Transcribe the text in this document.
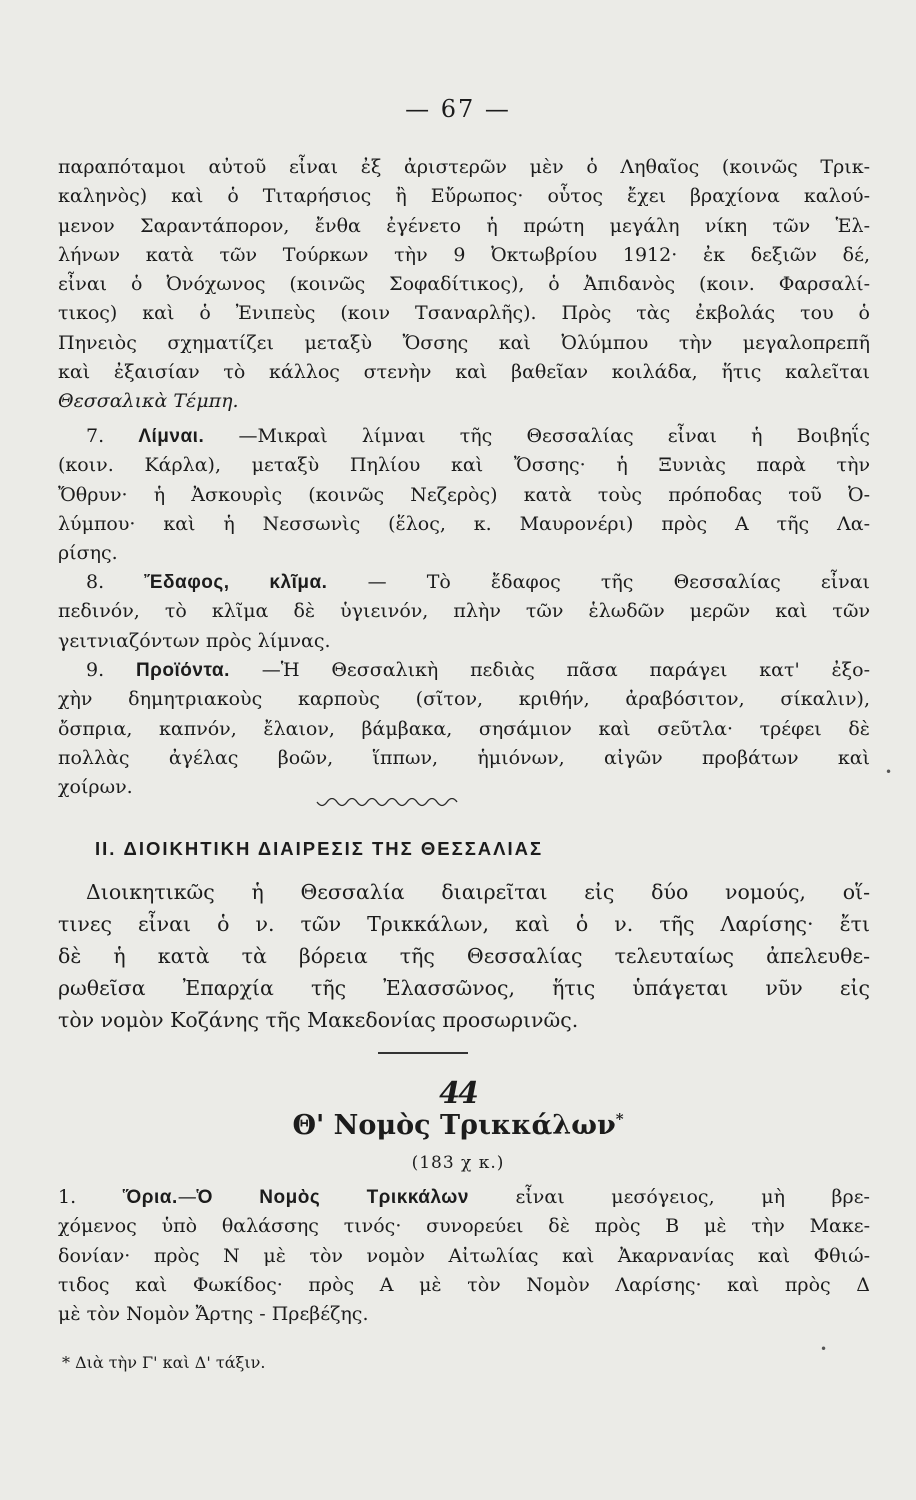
— 67 —

παραπόταμοι αὐτοῦ εἶναι ἐξ ἀριστερῶν μὲν ὁ Ληθαῖος (κοινῶς Τρικ-

καληνὸς) καὶ ὁ Τιταρήσιος ἢ Εὔρωπος· οὗτος ἔχει βραχίονα καλού-

μενον Σαραντάπορον, ἔνθα ἐγένετο ἡ πρώτη μεγάλη νίκη τῶν Ἑλ-

λήνων κατὰ τῶν Τούρκων τὴν 9 Ὀκτωβρίου 1912· ἐκ δεξιῶν δέ,

εἶναι ὁ Ὀνόχωνος (κοινῶς Σοφαδίτικος), ὁ Ἀπιδανὸς (κοιν. Φαρσαλί-

τικος) καὶ ὁ Ἐνιπεὺς (κοιν Τσαναρλῆς). Πρὸς τὰς ἐκβολάς του ὁ

Πηνειὸς σχηματίζει μεταξὺ Ὄσσης καὶ Ὀλύμπου τὴν μεγαλοπρεπῆ

καὶ ἐξαισίαν τὸ κάλλος στενὴν καὶ βαθεῖαν κοιλάδα, ἥτις καλεῖται

Θεσσαλικὰ Τέμπη.

7. Λίμναι. —Μικραὶ λίμναι τῆς Θεσσαλίας εἶναι ἡ Βοιβηΐς

(κοιν. Κάρλα), μεταξὺ Πηλίου καὶ Ὄσσης· ἡ Ξυνιὰς παρὰ τὴν

Ὄθρυν· ἡ Ἀσκουρὶς (κοινῶς Νεζερὸς) κατὰ τοὺς πρόποδας τοῦ Ὀ-

λύμπου· καὶ ἡ Νεσσωνὶς (ἕλος, κ. Μαυρονέρι) πρὸς Α τῆς Λα-

ρίσης.

8. Ἔδαφος, κλῖμα. — Τὸ ἔδαφος τῆς Θεσσαλίας εἶναι

πεδινόν, τὸ κλῖμα δὲ ὑγιεινόν, πλὴν τῶν ἑλωδῶν μερῶν καὶ τῶν

γειτνιαζόντων πρὸς λίμνας.

9. Προϊόντα. —Ἡ Θεσσαλικὴ πεδιὰς πᾶσα παράγει κατ' ἐξο-

χὴν δημητριακοὺς καρποὺς (σῖτον, κριθήν, ἀραβόσιτον, σίκαλιν),

ὄσπρια, καπνόν, ἔλαιον, βάμβακα, σησάμιον καὶ σεῦτλα· τρέφει δὲ

πολλὰς ἀγέλας βοῶν, ἵππων, ἡμιόνων, αἰγῶν προβάτων καὶ

χοίρων.

II. ΔΙΟΙΚΗΤΙΚΗ ΔΙΑΙΡΕΣΙΣ ΤΗΣ ΘΕΣΣΑΛΙΑΣ

Διοικητικῶς ἡ Θεσσαλία διαιρεῖται εἰς δύο νομούς, οἵ-

τινες εἶναι ὁ ν. τῶν Τρικκάλων, καὶ ὁ ν. τῆς Λαρίσης· ἔτι

δὲ ἡ κατὰ τὰ βόρεια τῆς Θεσσαλίας τελευταίως ἀπελευθε-

ρωθεῖσα Ἐπαρχία τῆς Ἐλασσῶνος, ἥτις ὑπάγεται νῦν εἰς

τὸν νομὸν Κοζάνης τῆς Μακεδονίας προσωρινῶς.

44
Θ' Νομὸς Τρικκάλων*
(183 χ κ.)

1. Ὅρια.—Ὁ Νομὸς Τρικκάλων εἶναι μεσόγειος, μὴ βρε-

χόμενος ὑπὸ θαλάσσης τινός· συνορεύει δὲ πρὸς Β μὲ τὴν Μακε-

δονίαν· πρὸς Ν μὲ τὸν νομὸν Αἰτωλίας καὶ Ἀκαρνανίας καὶ Φθιώ-

τιδος καὶ Φωκίδος· πρὸς Α μὲ τὸν Νομὸν Λαρίσης· καὶ πρὸς Δ

μὲ τὸν Νομὸν Ἄρτης - Πρεβέζης.

* Διὰ τὴν Γ' καὶ Δ' τάξιν.
•
•
